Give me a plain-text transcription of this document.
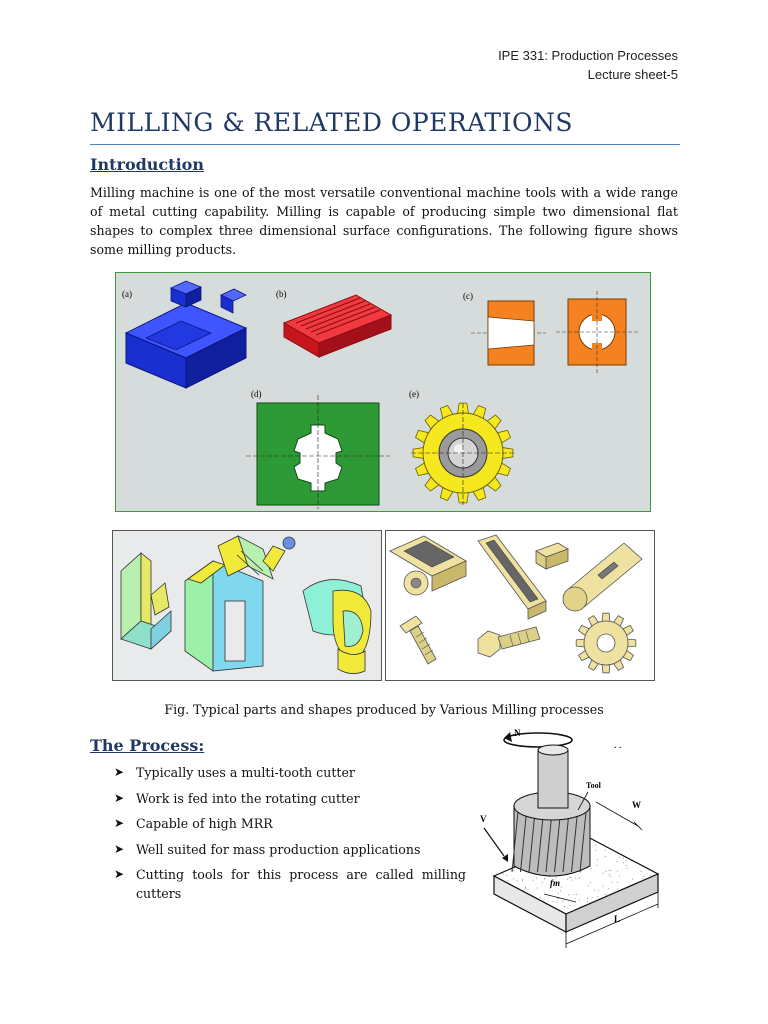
IPE 331: Production Processes
Lecture sheet-5
MILLING & RELATED OPERATIONS
Introduction
Milling machine is one of the most versatile conventional machine tools with a wide range of metal cutting capability. Milling is capable of producing simple two dimensional flat shapes to complex three dimensional surface configurations. The following figure shows some milling products.
(a)	(b)	(c)
(d)	(e)
Fig. Typical parts and shapes produced by Various Milling processes
The Process:
➤ Typically uses a multi-tooth cutter
➤ Work is fed into the rotating cutter
➤ Capable of high MRR
➤ Well suited for mass production applications
➤ Cutting tools for this process are called milling cutters
N
. .
Tool
W
V
fm
L
